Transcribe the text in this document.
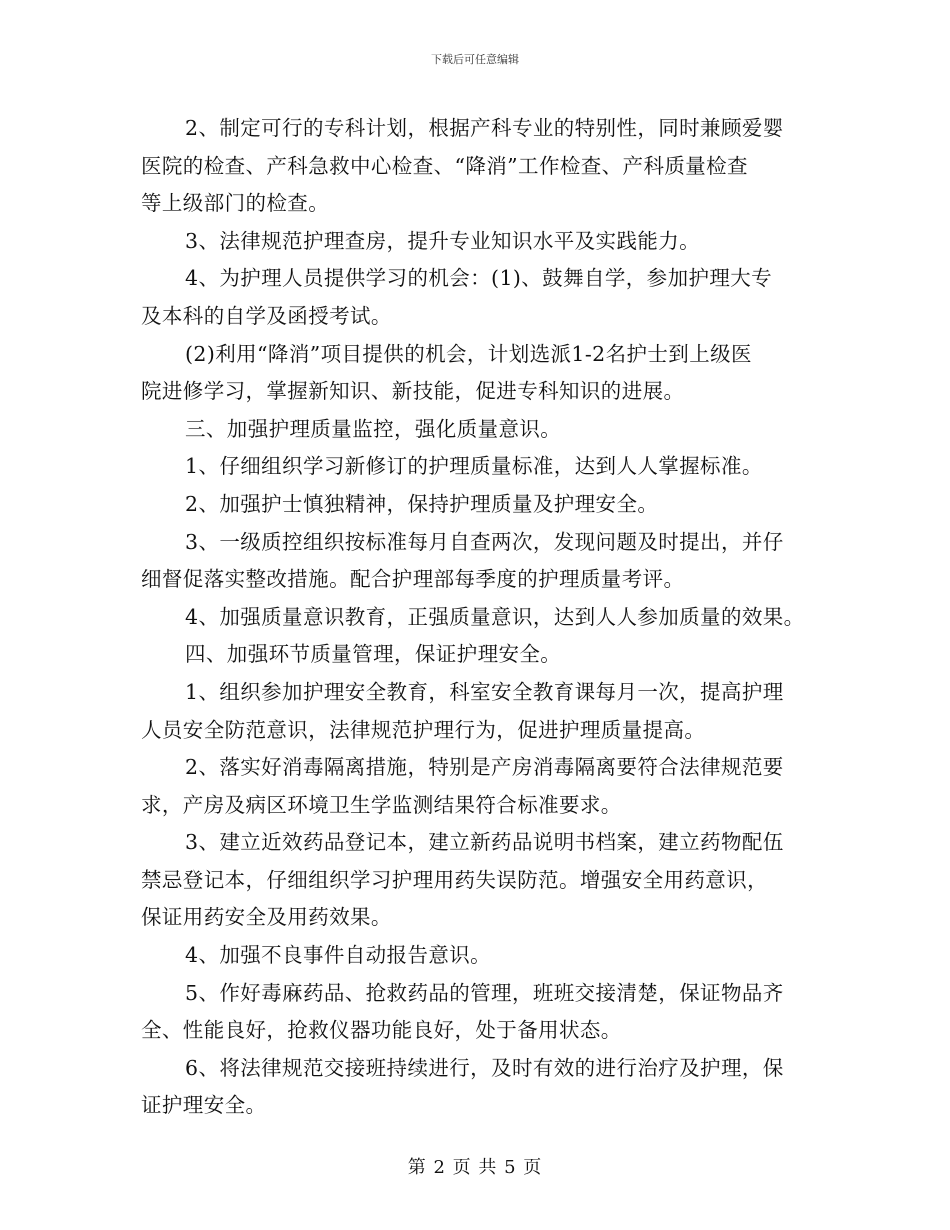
下载后可任意编辑
2、制定可行的专科计划，根据产科专业的特别性，同时兼顾爱婴
医院的检查、产科急救中心检查、“降消”工作检查、产科质量检查
等上级部门的检查。
3、法律规范护理查房，提升专业知识水平及实践能力。
4、为护理人员提供学习的机会：(1)、鼓舞自学，参加护理大专
及本科的自学及函授考试。
(2)利用“降消”项目提供的机会，计划选派1-2名护士到上级医
院进修学习，掌握新知识、新技能，促进专科知识的进展。
三、加强护理质量监控，强化质量意识。
1、仔细组织学习新修订的护理质量标准，达到人人掌握标准。
2、加强护士慎独精神，保持护理质量及护理安全。
3、一级质控组织按标准每月自查两次，发现问题及时提出，并仔
细督促落实整改措施。配合护理部每季度的护理质量考评。
4、加强质量意识教育，正强质量意识，达到人人参加质量的效果。
四、加强环节质量管理，保证护理安全。
1、组织参加护理安全教育，科室安全教育课每月一次，提高护理
人员安全防范意识，法律规范护理行为，促进护理质量提高。
2、落实好消毒隔离措施，特别是产房消毒隔离要符合法律规范要
求，产房及病区环境卫生学监测结果符合标准要求。
3、建立近效药品登记本，建立新药品说明书档案，建立药物配伍
禁忌登记本，仔细组织学习护理用药失误防范。增强安全用药意识，
保证用药安全及用药效果。
4、加强不良事件自动报告意识。
5、作好毒麻药品、抢救药品的管理，班班交接清楚，保证物品齐
全、性能良好，抢救仪器功能良好，处于备用状态。
6、将法律规范交接班持续进行，及时有效的进行治疗及护理，保
证护理安全。
第 2 页 共 5 页
